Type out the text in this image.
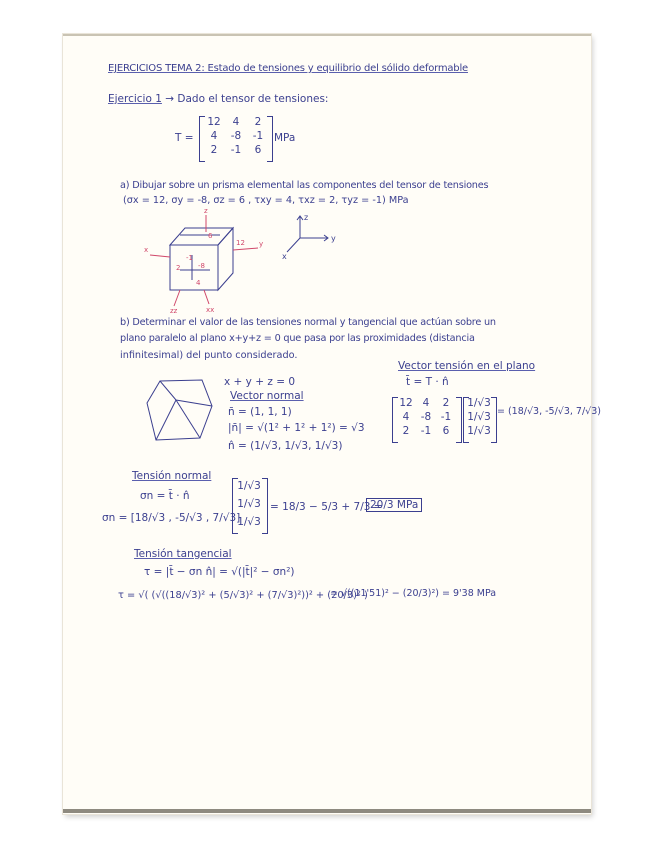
EJERCICIOS TEMA 2: Estado de tensiones y equilibrio del sólido deformable
Ejercicio 1 → Dado el tensor de tensiones:
T =
12	4	2
4	-8	-1
2	-1	6
MPa
a) Dibujar sobre un prisma elemental las componentes del tensor de tensiones
(σx = 12, σy = -8, σz = 6 , τxy = 4, τxz = 2, τyz = -1) MPa
z
x
y
12
6
-8
2
4
-1
zz	xx
z
y
x
b) Determinar el valor de las tensiones normal y tangencial que actúan sobre un
plano paralelo al plano x+y+z = 0 que pasa por las proximidades (distancia
infinitesimal) del punto considerado.
x + y + z = 0
Vector normal
n̄ = (1, 1, 1)
|n̄| = √(1² + 1² + 1²) = √3
n̂ = (1/√3, 1/√3, 1/√3)
Vector tensión en el plano
t̄ = T · n̂
12 4	2
4	-8 -1
2	-1	6
1/√3
1/√3
1/√3
= (18/√3, -5/√3, 7/√3)
Tensión normal
σn = t̄ · n̂
σn = [18/√3 , -5/√3 , 7/√3]
1/√3
1/√3
1/√3
= 18/3 − 5/3 + 7/3 =
20/3 MPa
Tensión tangencial
τ = |t̄ − σn n̂| = √(|t̄|² − σn²)
τ = √( (√((18/√3)² + (5/√3)² + (7/√3)²))² + (20/3)² )
= √((11'51)² − (20/3)²) = 9'38 MPa
